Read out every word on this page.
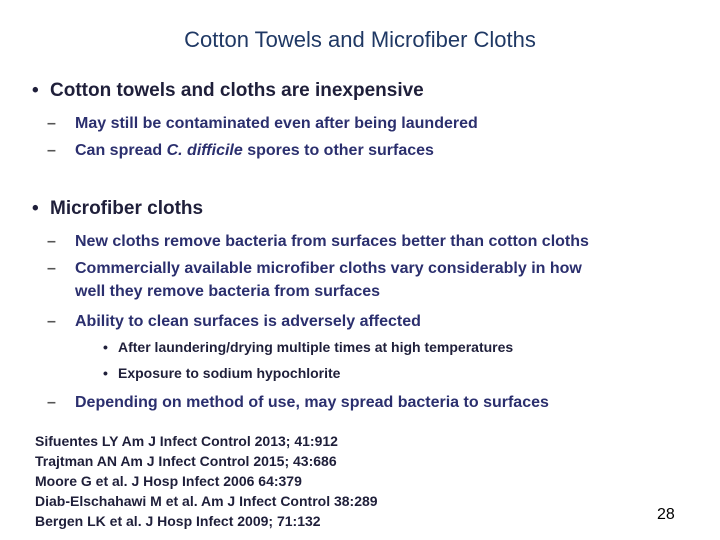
Cotton Towels and Microfiber Cloths
• Cotton towels and cloths are inexpensive
– May still be contaminated even after being laundered
– Can spread C. difficile spores to other surfaces
• Microfiber cloths
– New cloths remove bacteria from surfaces better than cotton cloths
– Commercially available microfiber cloths vary considerably in how
well they remove bacteria from surfaces
– Ability to clean surfaces is adversely affected
• After laundering/drying multiple times at high temperatures
• Exposure to sodium hypochlorite
– Depending on method of use, may spread bacteria to surfaces
Sifuentes LY Am J Infect Control 2013; 41:912
Trajtman AN Am J Infect Control 2015; 43:686
Moore G et al. J Hosp Infect 2006 64:379
Diab-Elschahawi M et al. Am J Infect Control 38:289
Bergen LK et al. J Hosp Infect 2009; 71:132	28
